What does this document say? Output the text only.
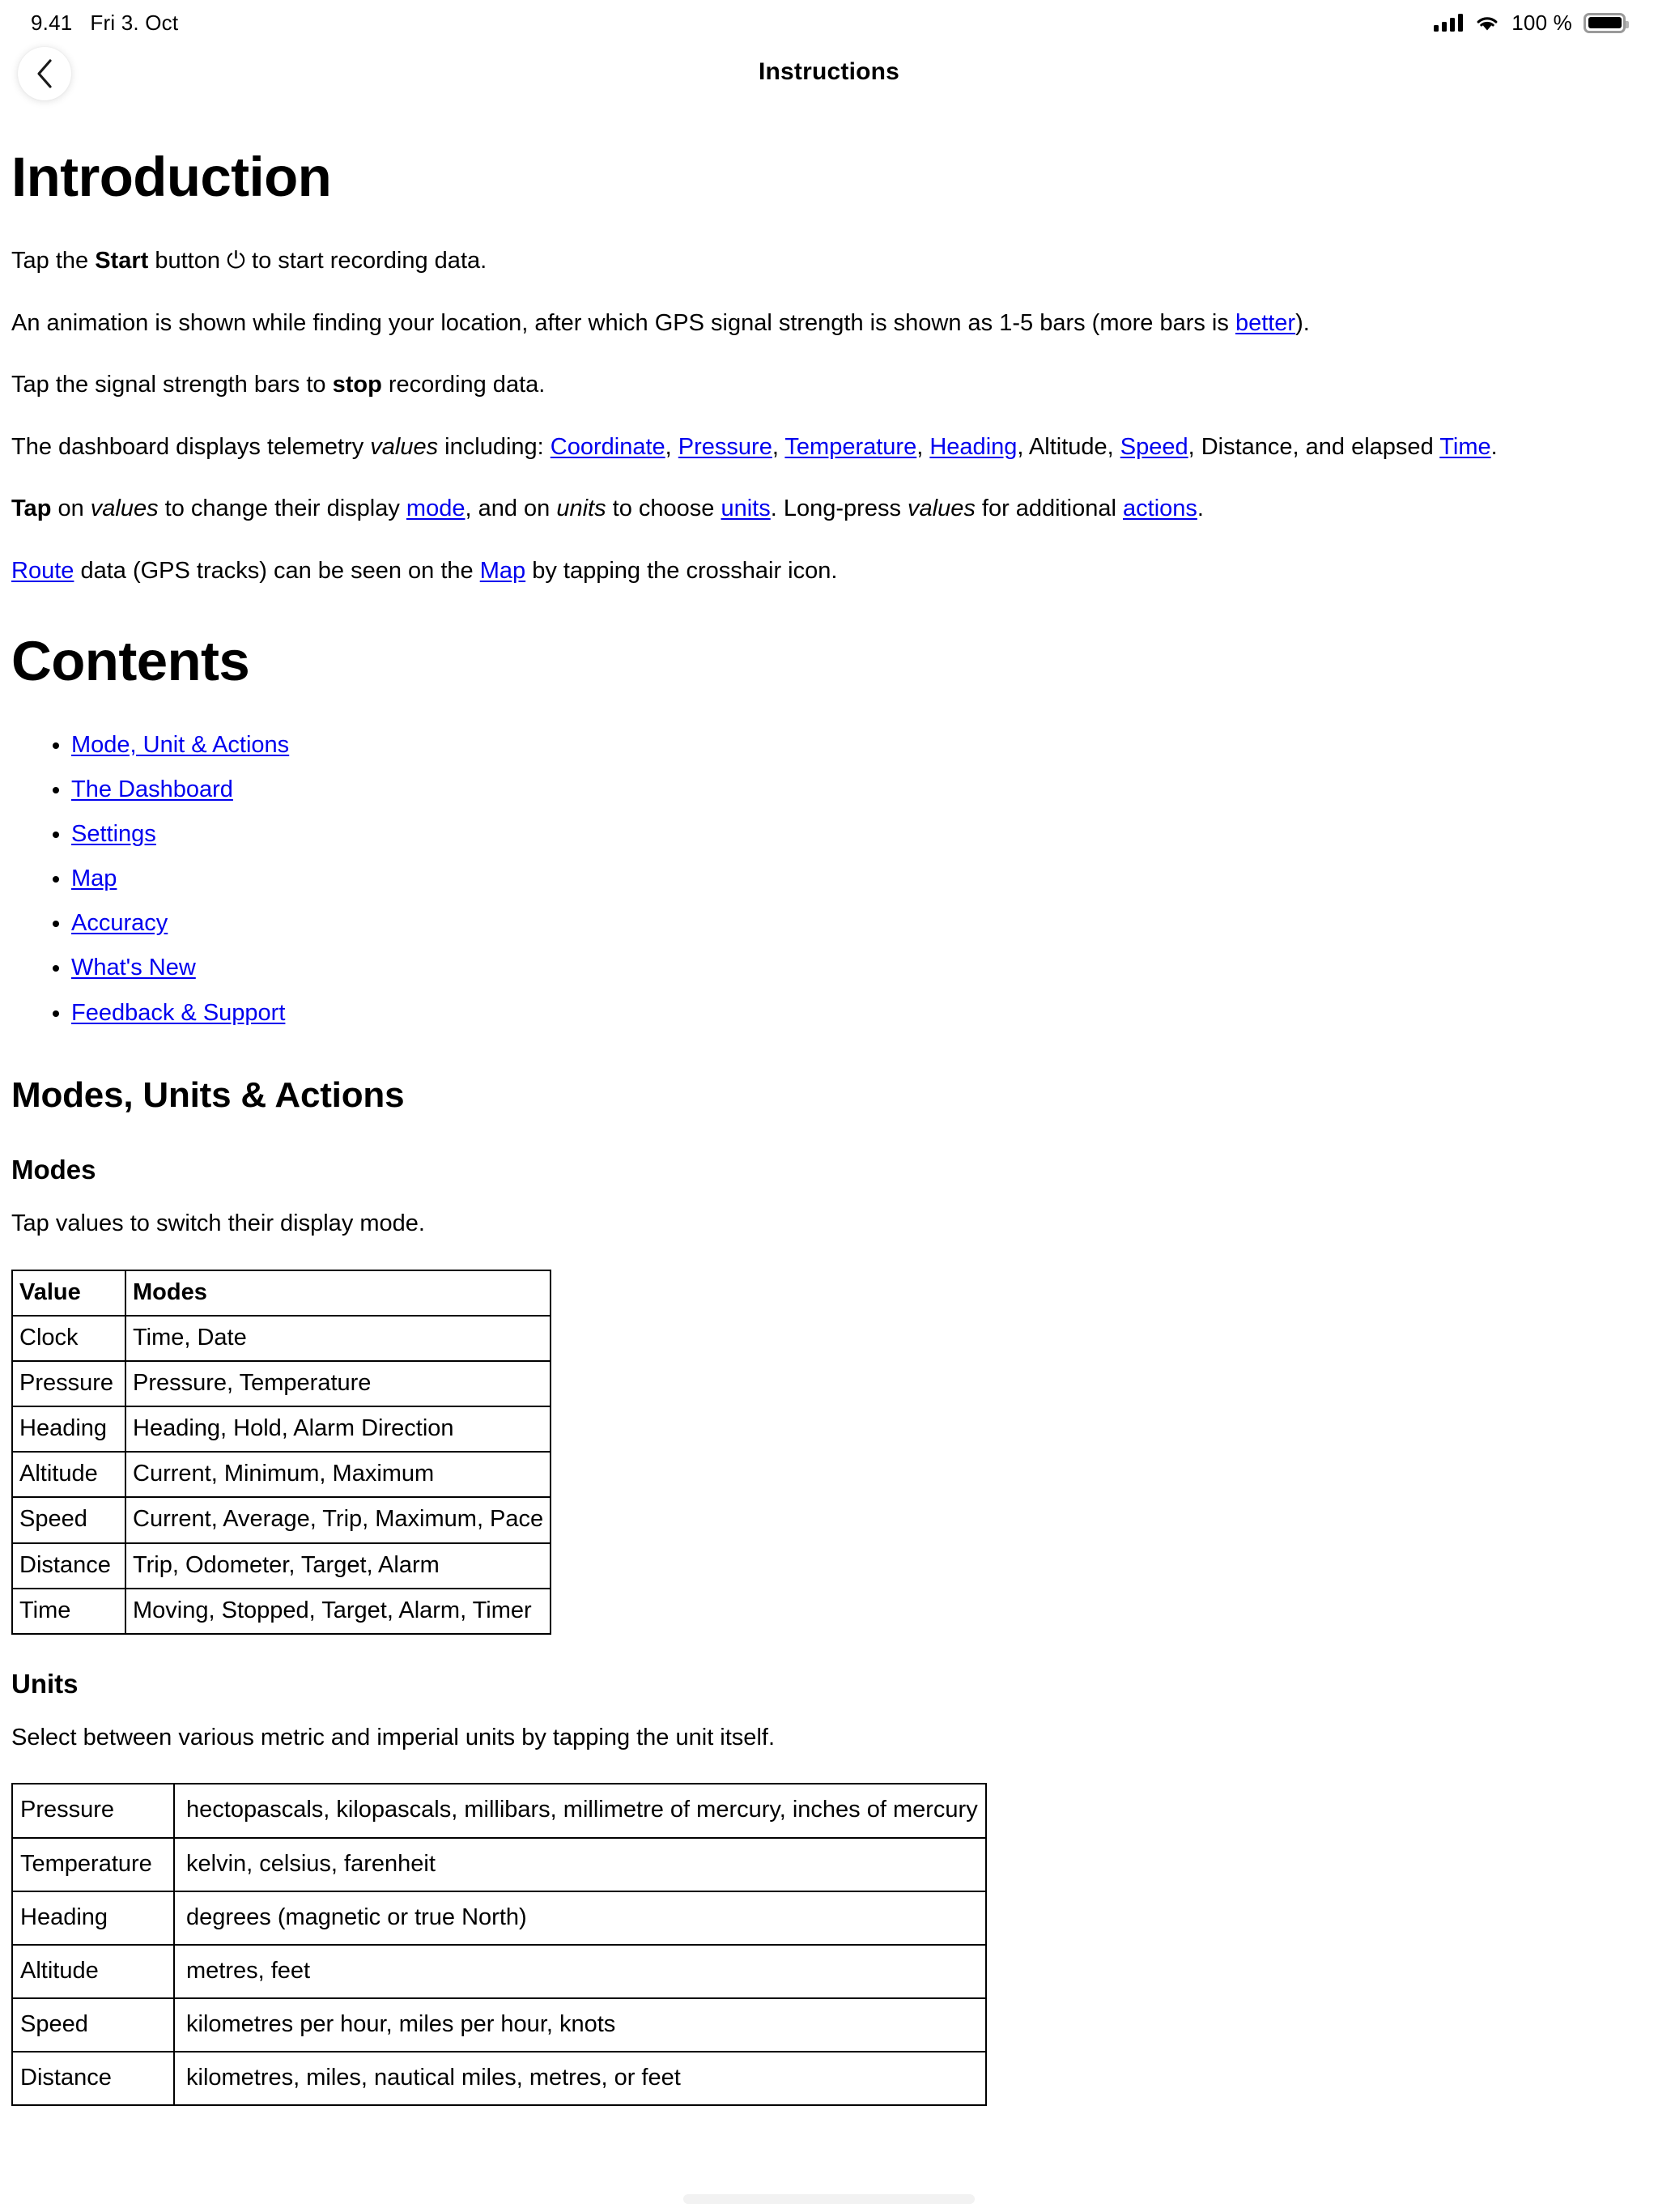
9.41 Fri 3. Oct	100 %
Instructions
Introduction

Tap the Start button ⏻ to start recording data.

An animation is shown while finding your location, after which GPS signal strength is shown as 1-5 bars (more bars is better).

Tap the signal strength bars to stop recording data.

The dashboard displays telemetry values including: Coordinate, Pressure, Temperature, Heading, Altitude, Speed, Distance, and elapsed Time.

Tap on values to change their display mode, and on units to choose units. Long-press values for additional actions.

Route data (GPS tracks) can be seen on the Map by tapping the crosshair icon.

Contents
• Mode, Unit & Actions
• The Dashboard
• Settings
• Map
• Accuracy
• What's New
• Feedback & Support
Modes, Units & Actions
Modes

Tap values to switch their display mode.

Value	Modes
Clock	Time, Date
Pressure	Pressure, Temperature
Heading	Heading, Hold, Alarm Direction
Altitude	Current, Minimum, Maximum
Speed	Current, Average, Trip, Maximum, Pace
Distance	Trip, Odometer, Target, Alarm
Time	Moving, Stopped, Target, Alarm, Timer
Units

Select between various metric and imperial units by tapping the unit itself.

Pressure	hectopascals, kilopascals, millibars, millimetre of mercury, inches of mercury
Temperature	kelvin, celsius, farenheit
Heading	degrees (magnetic or true North)
Altitude	metres, feet
Speed	kilometres per hour, miles per hour, knots
Distance	kilometres, miles, nautical miles, metres, or feet
